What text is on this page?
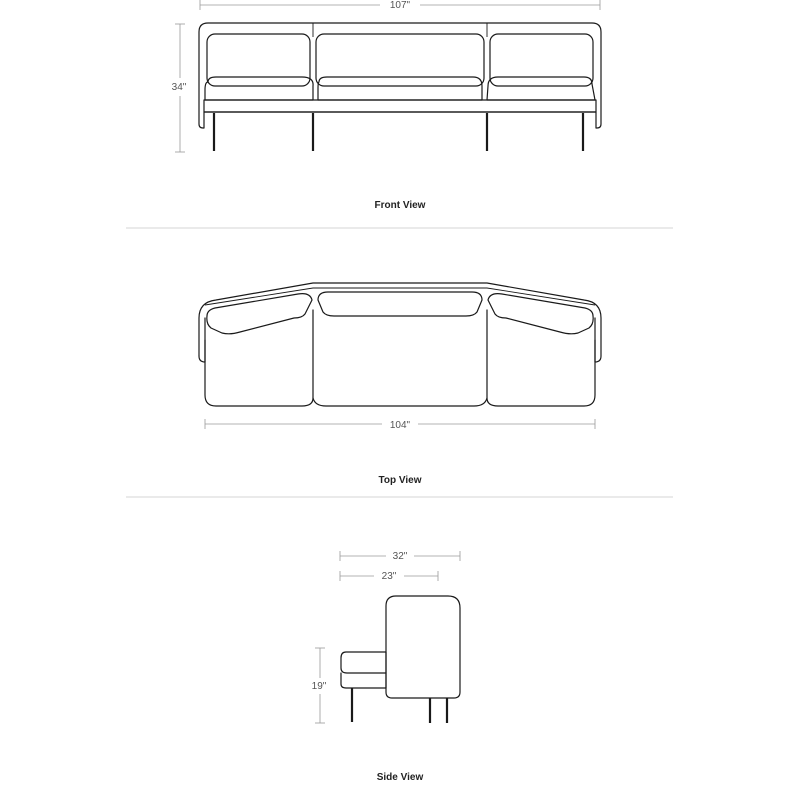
107"
34"
Front View
104"
Top View
32"
23"
19"
Side View
